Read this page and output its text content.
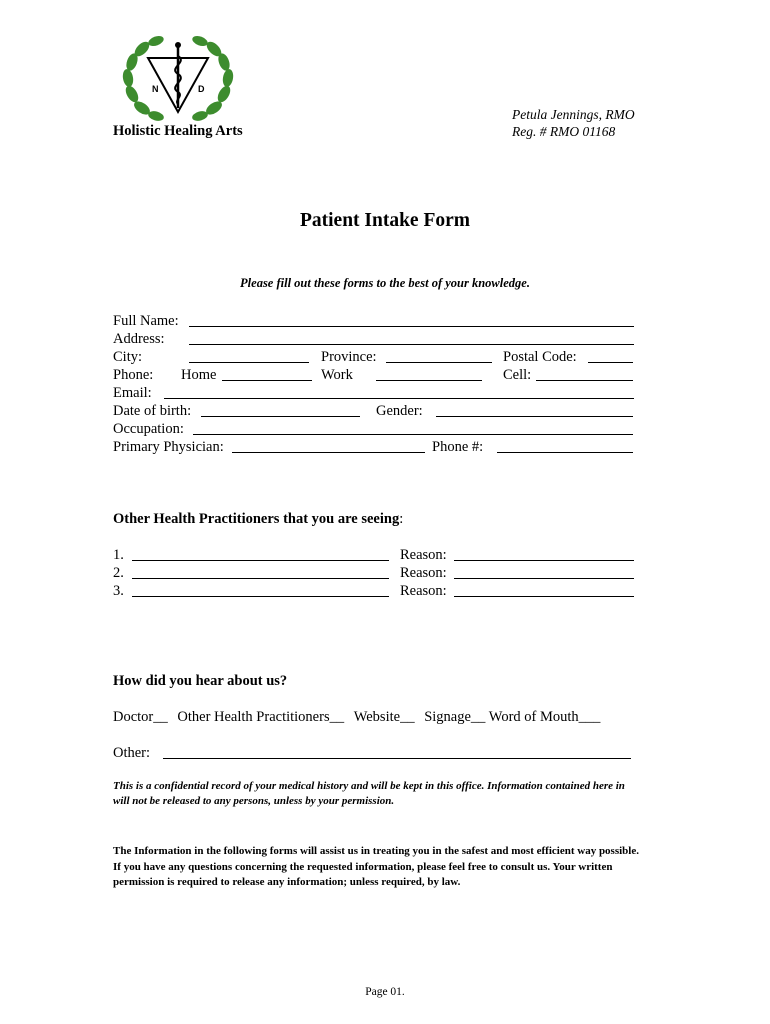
N	D
Holistic Healing Arts
Petula Jennings, RMO
Reg. # RMO 01168
Patient Intake Form
Please fill out these forms to the best of your knowledge.
Full Name:
Address:
City:	Province:	Postal Code:
Phone: Home	Work	Cell:
Email:
Date of birth:	Gender:
Occupation:
Primary Physician:	Phone #:
Other Health Practitioners that you are seeing:
1.	Reason:
2.	Reason:
3.	Reason:
How did you hear about us?
Doctor__ Other Health Practitioners__ Website__ Signage__ Word of Mouth___
Other:
This is a confidential record of your medical history and will be kept in this office. Information contained here in will not be released to any persons, unless by your permission.
The Information in the following forms will assist us in treating you in the safest and most efficient way possible. If you have any questions concerning the requested information, please feel free to consult us. Your written permission is required to release any information; unless required, by law.
Page 01.
